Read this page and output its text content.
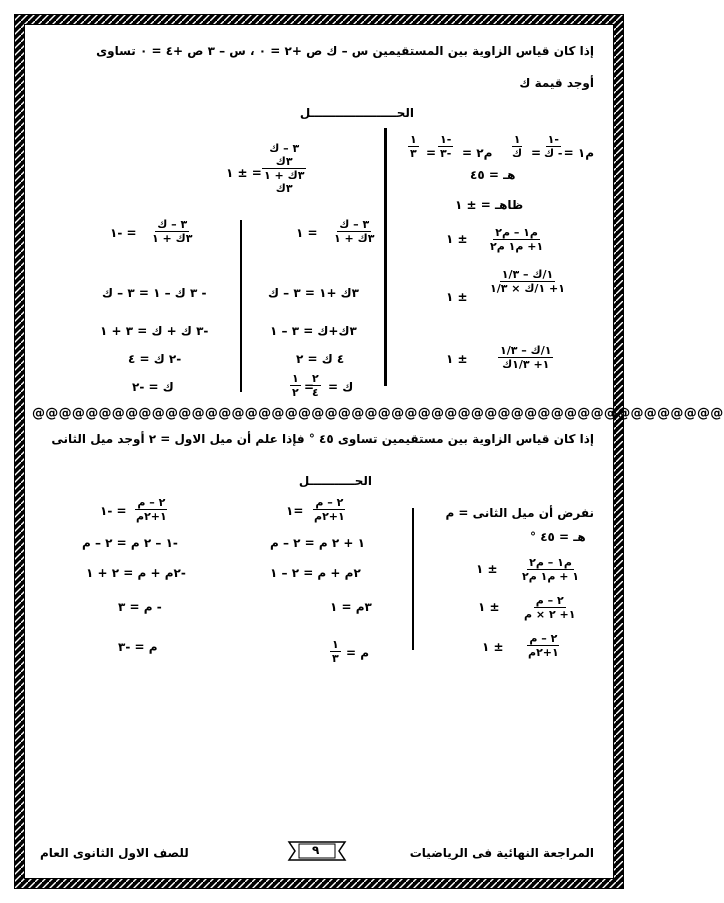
إذا كان قياس الزاوية بين المستقيمين س – ك ص +٢ = ٠ ، س – ٣ ص +٤ = ٠ تساوى
أوجد قيمة ك
الحـــــــــــــــــــــل
م١ =
-١
- ك
=
١
ك
م٢ =
-١
-٣
=
١
٣
هـ = ٤٥
ظاهـ = ± ١
م١ – م٢
١+ م١ م٢
± ١
١/ك – ١/٣
١+ ١/ك × ١/٣
± ١
١/ك – ١/٣
١+ ١/٣ك
± ١
٣ – ك
٣ك
٣ك + ١
٣ك
= ± ١
٣ – ك
٣ك + ١
= ١
٣ك +١ = ٣ – ك
٣ك+ك = ٣ – ١
٤ ك = ٢
ك =
٢
٤
=
١
٢
٣ – ك
٣ك + ١
= -١
- ٣ ك – ١ = ٣ – ك
-٣ ك + ك = ٣ + ١
-٢ ك = ٤
ك = -٢
@@@@@@@@@@@@@@@@@@@@@@@@@@@@@@@@@@@@@@@@@@@@@@@@@@@@
إذا كان قياس الزاوية بين مستقيمين تساوى ٤٥ ° فإذا علم أن ميل الاول = ٢ أوجد ميل الثانى
الحـــــــــــل
نفرض أن ميل الثانى = م
هـ = ٤٥ °
م١ – م٢
١ + م١ م٢
± ١
٢ – م
١+ ٢ × م
± ١
٢ – م
١+٢م
± ١
٢ – م
١+٢م
=١
١ + ٢ م = ٢ – م
٢م + م = ٢ – ١
٣م = ١
م =
١
٣
٢ – م
١+٢م
= -١
-١ – ٢ م = ٢ – م
-٢م + م = ٢ + ١
- م = ٣
م = -٣
المراجعة النهائية فى الرياضيات
٩
للصف الاول الثانوى العام
